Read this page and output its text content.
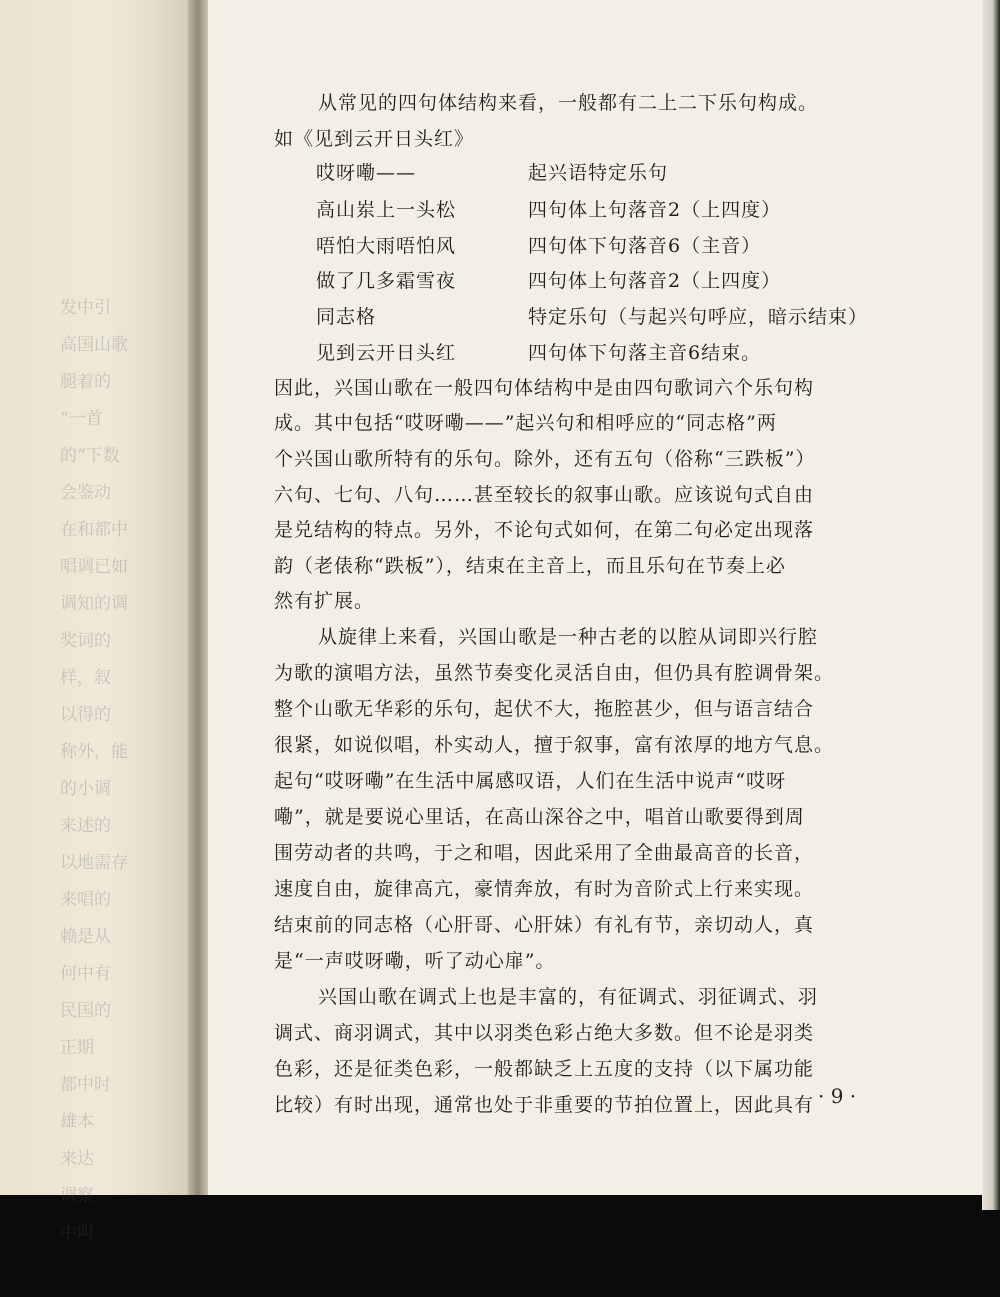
发中引
高国山歌
腿着的
“一首
的“下数
会鉴动
在和都中
唱调已如
调知的调
奖词的
样，叙
以得的
称外，能
的小调
来述的
以地需存
来唱的
赖是从
何中有
民国的
正期
都中时
雄本
来达
调察
中叫
从常见的四句体结构来看，一般都有二上二下乐句构成。
如《见到云开日头红》
哎呀嘞——	起兴语特定乐句
高山岽上一头松	四句体上句落音2（上四度）
唔怕大雨唔怕风	四句体下句落音6（主音）
做了几多霜雪夜	四句体上句落音2（上四度）
同志格	特定乐句（与起兴句呼应，暗示结束）
见到云开日头红	四句体下句落主音6结束。
因此，兴国山歌在一般四句体结构中是由四句歌词六个乐句构
成。其中包括“哎呀嘞——”起兴句和相呼应的“同志格”两
个兴国山歌所特有的乐句。除外，还有五句（俗称“三跌板”）
六句、七句、八句……甚至较长的叙事山歌。应该说句式自由
是兑结构的特点。另外，不论句式如何，在第二句必定出现落
韵（老俵称“跌板”），结束在主音上，而且乐句在节奏上必
然有扩展。
从旋律上来看，兴国山歌是一种古老的以腔从词即兴行腔
为歌的演唱方法，虽然节奏变化灵活自由，但仍具有腔调骨架。
整个山歌无华彩的乐句，起伏不大，拖腔甚少，但与语言结合
很紧，如说似唱，朴实动人，擅于叙事，富有浓厚的地方气息。
起句“哎呀嘞”在生活中属感叹语，人们在生活中说声“哎呀
嘞”，就是要说心里话，在高山深谷之中，唱首山歌要得到周
围劳动者的共鸣，于之和唱，因此采用了全曲最高音的长音，
速度自由，旋律高亢，豪情奔放，有时为音阶式上行来实现。
结束前的同志格（心肝哥、心肝妹）有礼有节，亲切动人，真
是“一声哎呀嘞，听了动心扉”。
兴国山歌在调式上也是丰富的，有征调式、羽征调式、羽
调式、商羽调式，其中以羽类色彩占绝大多数。但不论是羽类
色彩，还是征类色彩，一般都缺乏上五度的支持（以下属功能
比较）有时出现，通常也处于非重要的节拍位置上，因此具有 · 9 ·
